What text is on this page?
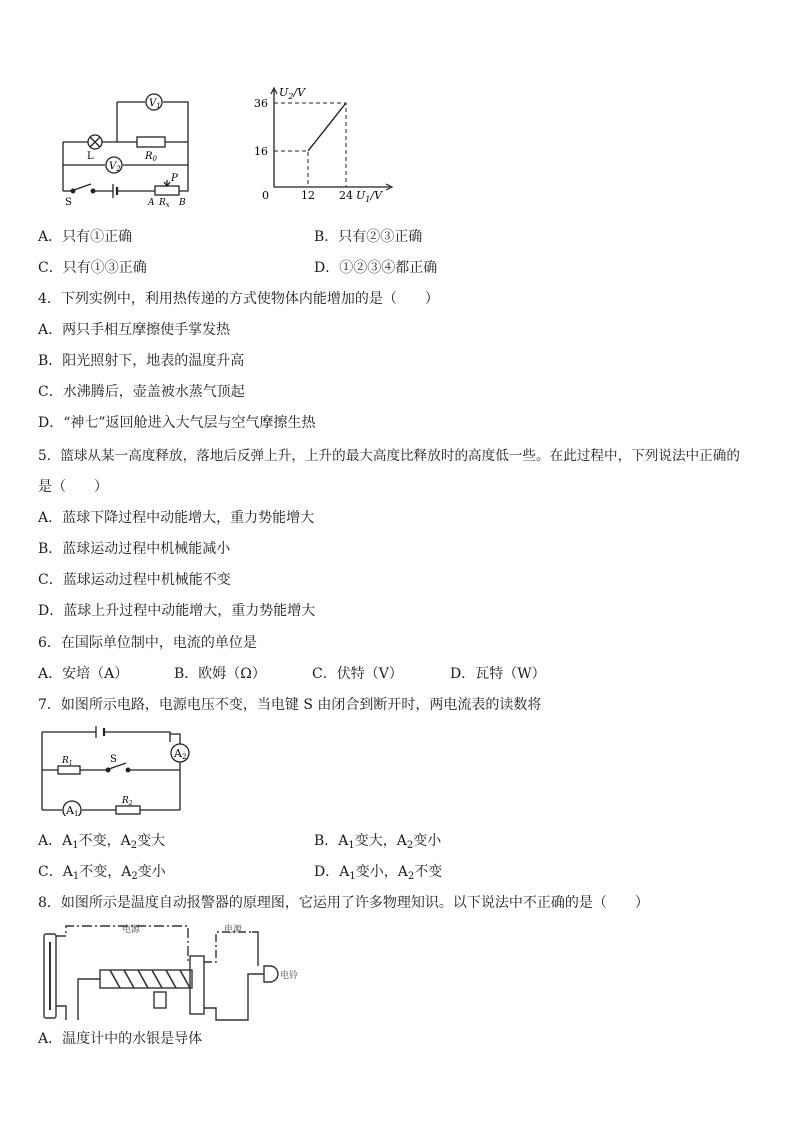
$V_1$
$V_2$
L	$R_0$
S
P
A $R_x$ B
$U_2/V$
36
16
0	12 24 $U_1/V$
A．只有①正确	B．只有②③正确
C．只有①③正确	D．①②③④都正确
4．下列实例中，利用热传递的方式使物体内能增加的是（　　）
A．两只手相互摩擦使手掌发热
B．阳光照射下，地表的温度升高
C．水沸腾后，壶盖被水蒸气顶起
D．“神七”返回舱进入大气层与空气摩擦生热
5．篮球从某一高度释放，落地后反弹上升，上升的最大高度比释放时的高度低一些。在此过程中，下列说法中正确的
是（　　）
A．蓝球下降过程中动能增大，重力势能增大
B．蓝球运动过程中机械能减小
C．蓝球运动过程中机械能不变
D．蓝球上升过程中动能增大，重力势能增大
6．在国际单位制中，电流的单位是
A．安培（A）	B．欧姆（Ω）	C．伏特（V）	D．瓦特（W）
7．如图所示电路，电源电压不变，当电键 S 由闭合到断开时，两电流表的读数将
A2
A1
$R_1$	S
$R_2$
A．$A_1$不变，$A_2$变大	B．$A_1$变大，$A_2$变小
C．$A_1$不变，$A_2$变小	D．$A_1$变小，$A_2$不变
8．如图所示是温度自动报警器的原理图，它运用了许多物理知识。以下说法中不正确的是（　　）
电源	电源
电铃
A．温度计中的水银是导体
